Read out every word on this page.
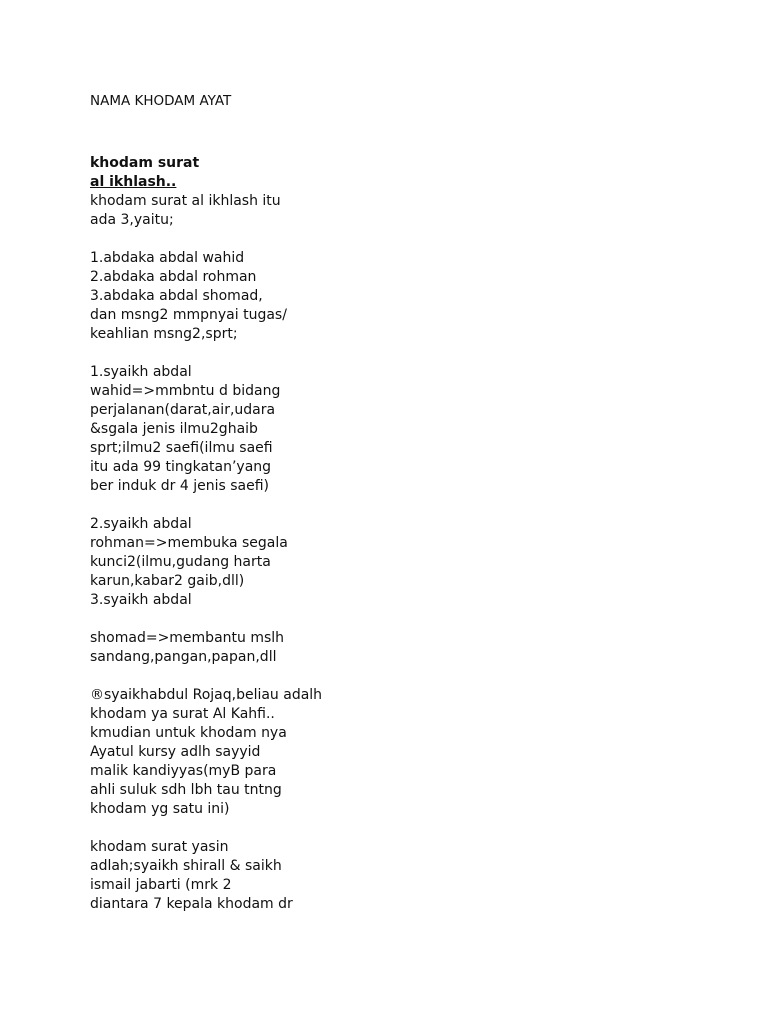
NAMA KHODAM AYAT
khodam surat
al ikhlash..
khodam surat al ikhlash itu
ada 3,yaitu;
1.abdaka abdal wahid
2.abdaka abdal rohman
3.abdaka abdal shomad,
dan msng2 mmpnyai tugas/
keahlian msng2,sprt;
1.syaikh abdal
wahid=>mmbntu d bidang
perjalanan(darat,air,udara
&sgala jenis ilmu2ghaib
sprt;ilmu2 saefi(ilmu saefi
itu ada 99 tingkatan’yang
ber induk dr 4 jenis saefi)
2.syaikh abdal
rohman=>membuka segala
kunci2(ilmu,gudang harta
karun,kabar2 gaib,dll)
3.syaikh abdal
shomad=>membantu mslh
sandang,pangan,papan,dll
®syaikhabdul Rojaq,beliau adalh
khodam ya surat Al Kahfi..
kmudian untuk khodam nya
Ayatul kursy adlh sayyid
malik kandiyyas(myB para
ahli suluk sdh lbh tau tntng
khodam yg satu ini)
khodam surat yasin
adlah;syaikh shirall & saikh
ismail jabarti (mrk 2
diantara 7 kepala khodam dr
